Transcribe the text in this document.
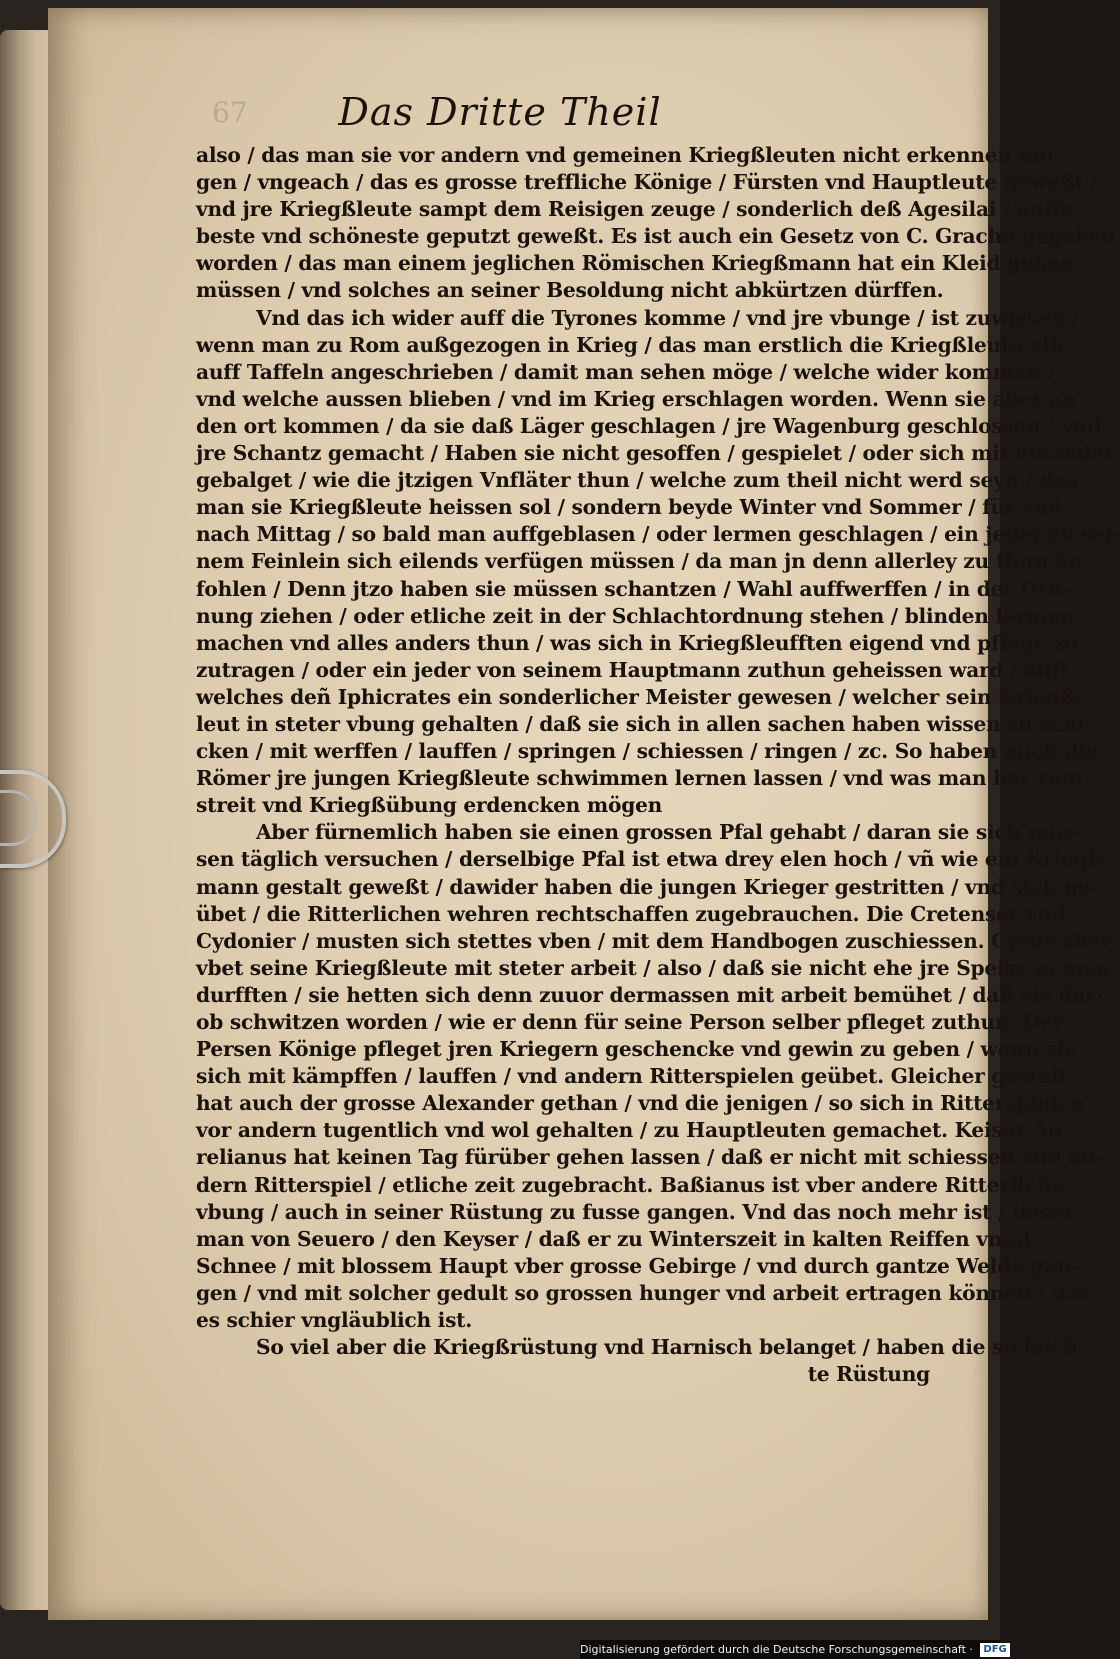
67	Das Dritte Theil
also / das man sie vor andern vnd gemeinen Kriegßleuten nicht erkennen mö-
gen / vngeach / das es grosse treffliche Könige / Fürsten vnd Hauptleute geweßt /
vnd jre Kriegßleute sampt dem Reisigen zeuge / sonderlich deß Agesilai / auffs
beste vnd schöneste geputzt geweßt. Es ist auch ein Gesetz von C. Gracho gegeben
worden / das man einem jeglichen Römischen Kriegßmann hat ein Kleid geben
müssen / vnd solches an seiner Besoldung nicht abkürtzen dürffen.
Vnd das ich wider auff die Tyrones komme / vnd jre vbunge / ist zuwissen /
wenn man zu Rom außgezogen in Krieg / das man erstlich die Kriegßleute alle
auff Taffeln angeschrieben / damit man sehen möge / welche wider kommen /
vnd welche aussen blieben / vnd im Krieg erschlagen worden. Wenn sie aber an
den ort kommen / da sie daß Läger geschlagen / jre Wagenburg geschlossen / vnd
jre Schantz gemacht / Haben sie nicht gesoffen / gespielet / oder sich mit einander
gebalget / wie die jtzigen Vnfläter thun / welche zum theil nicht werd seyn / das
man sie Kriegßleute heissen sol / sondern beyde Winter vnd Sommer / für vnd
nach Mittag / so bald man auffgeblasen / oder lermen geschlagen / ein jeder zu sei-
nem Feinlein sich eilends verfügen müssen / da man jn denn allerley zu thun be-
fohlen / Denn jtzo haben sie müssen schantzen / Wahl auffwerffen / in der Ord-
nung ziehen / oder etliche zeit in der Schlachtordnung stehen / blinden lermen
machen vnd alles anders thun / was sich in Kriegßleufften eigend vnd pflege zu-
zutragen / oder ein jeder von seinem Hauptmann zuthun geheissen ward / auff
welches deñ Iphicrates ein sonderlicher Meister gewesen / welcher sein Kriegß-
leut in steter vbung gehalten / daß sie sich in allen sachen haben wissen zu schi-
cken / mit werffen / lauffen / springen / schiessen / ringen / zc. So haben auch die
Römer jre jungen Kriegßleute schwimmen lernen lassen / vnd was man hat zum
streit vnd Kriegßübung erdencken mögen
Aber fürnemlich haben sie einen grossen Pfal gehabt / daran sie sich müs-
sen täglich versuchen / derselbige Pfal ist etwa drey elen hoch / vñ wie ein Kriegß-
mann gestalt geweßt / dawider haben die jungen Krieger gestritten / vnd sich ge-
übet / die Ritterlichen wehren rechtschaffen zugebrauchen. Die Cretenser vnd
Cydonier / musten sich stettes vben / mit dem Handbogen zuschiessen. Cyrus aber
vbet seine Kriegßleute mit steter arbeit / also / daß sie nicht ehe jre Speise nemen
durfften / sie hetten sich denn zuuor dermassen mit arbeit bemühet / daß sie dar-
ob schwitzen worden / wie er denn für seine Person selber pfleget zuthun. Der
Persen Könige pfleget jren Kriegern geschencke vnd gewin zu geben / wenn sie
sich mit kämpffen / lauffen / vnd andern Ritterspielen geübet. Gleicher gestalt
hat auch der grosse Alexander gethan / vnd die jenigen / so sich in Ritterspielen
vor andern tugentlich vnd wol gehalten / zu Hauptleuten gemachet. Keiser Au-
relianus hat keinen Tag fürüber gehen lassen / daß er nicht mit schiessen vnd an-
dern Ritterspiel / etliche zeit zugebracht. Baßianus ist vber andere Ritterliche
vbung / auch in seiner Rüstung zu fusse gangen. Vnd das noch mehr ist / lieset
man von Seuero / den Keyser / daß er zu Winterszeit in kalten Reiffen vnnd
Schnee / mit blossem Haupt vber grosse Gebirge / vnd durch gantze Welde gan-
gen / vnd mit solcher gedult so grossen hunger vnd arbeit ertragen können / das
es schier vngläublich ist.
So viel aber die Kriegßrüstung vnd Harnisch belanget / haben die so leich-
te Rüstung
Digitalisierung gefördert durch die Deutsche Forschungsgemeinschaft · DFG
